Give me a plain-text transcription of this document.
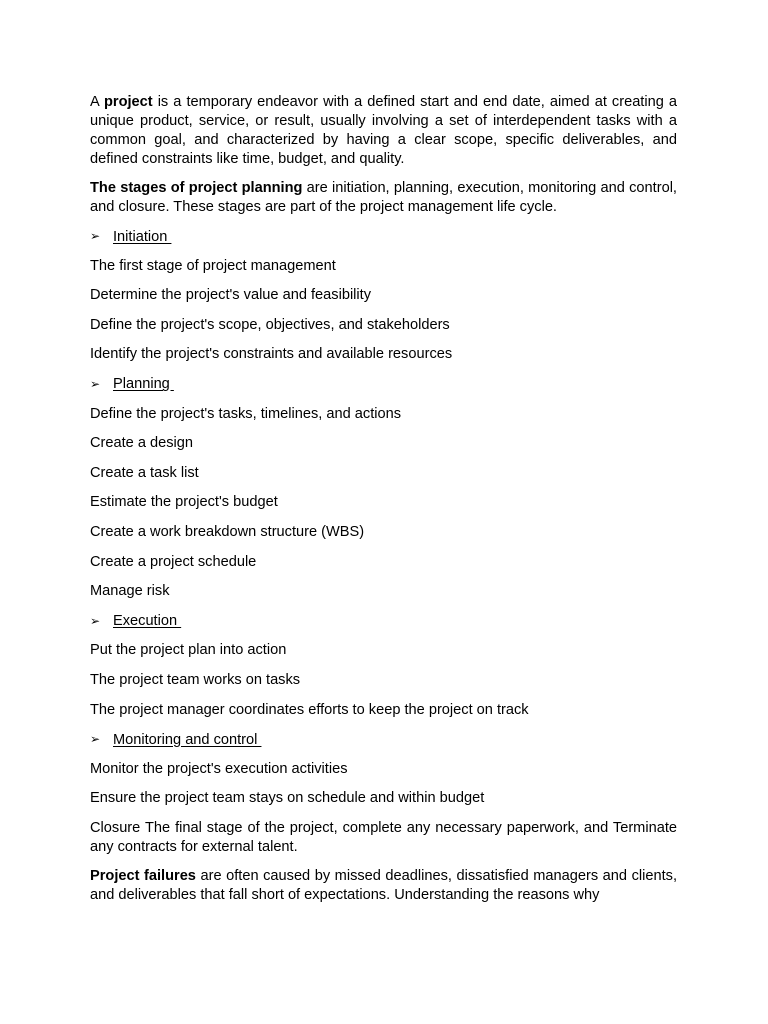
A project is a temporary endeavor with a defined start and end date, aimed at creating a unique product, service, or result, usually involving a set of interdependent tasks with a common goal, and characterized by having a clear scope, specific deliverables, and defined constraints like time, budget, and quality.

The stages of project planning are initiation, planning, execution, monitoring and control, and closure. These stages are part of the project management life cycle.

➢ Initiation

The first stage of project management

Determine the project's value and feasibility

Define the project's scope, objectives, and stakeholders

Identify the project's constraints and available resources

➢ Planning

Define the project's tasks, timelines, and actions

Create a design

Create a task list

Estimate the project's budget

Create a work breakdown structure (WBS)

Create a project schedule

Manage risk

➢ Execution

Put the project plan into action

The project team works on tasks

The project manager coordinates efforts to keep the project on track

➢ Monitoring and control

Monitor the project's execution activities

Ensure the project team stays on schedule and within budget

Closure The final stage of the project, complete any necessary paperwork, and Terminate any contracts for external talent.

Project failures are often caused by missed deadlines, dissatisfied managers and clients, and deliverables that fall short of expectations. Understanding the reasons why
